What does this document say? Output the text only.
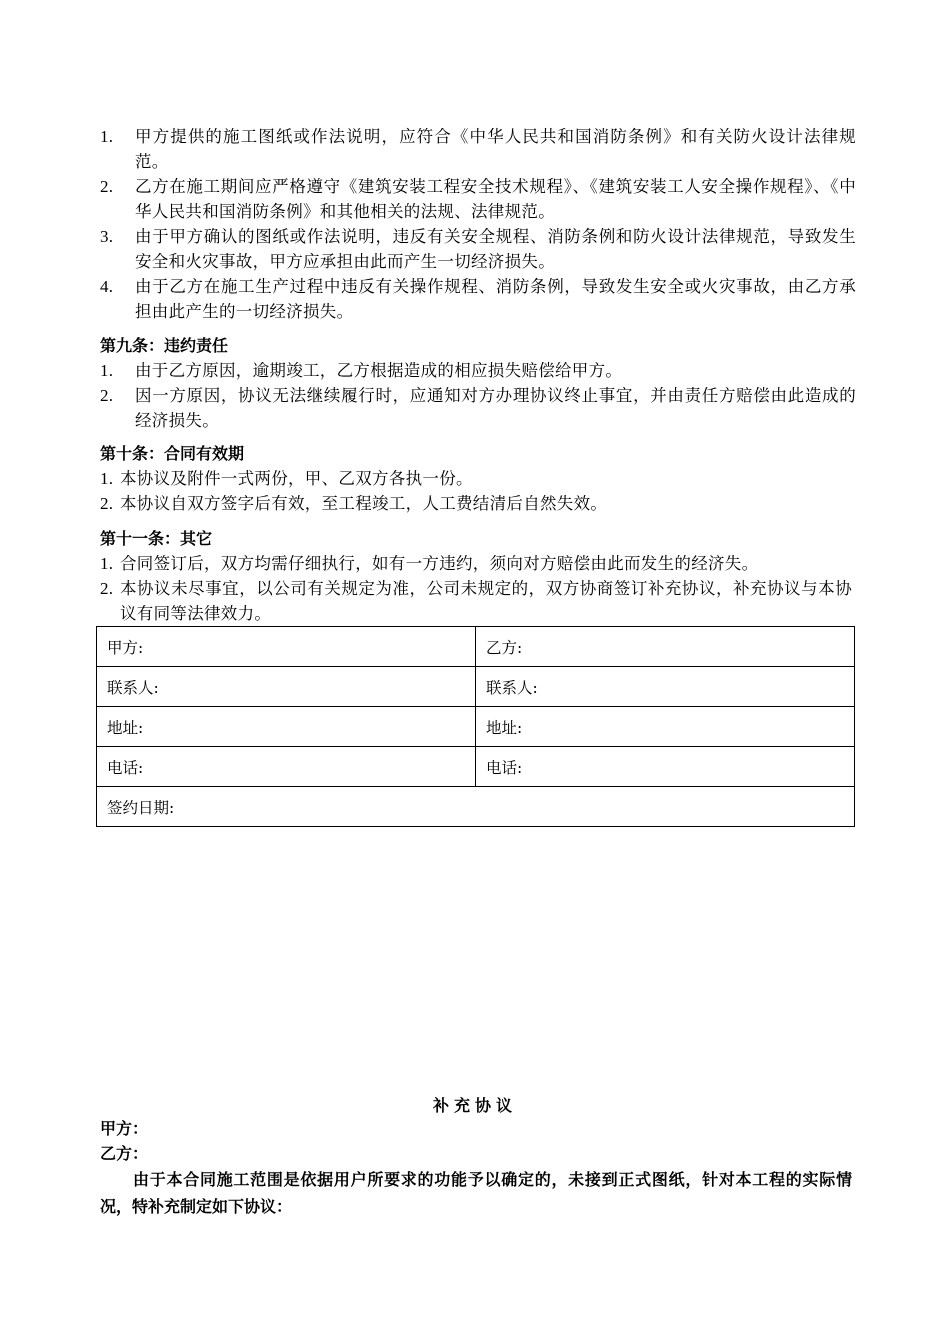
1.	甲方提供的施工图纸或作法说明，应符合《中华人民共和国消防条例》和有关防火设计法律规范。
2.	乙方在施工期间应严格遵守《建筑安装工程安全技术规程》、《建筑安装工人安全操作规程》、《中华人民共和国消防条例》和其他相关的法规、法律规范。
3.	由于甲方确认的图纸或作法说明，违反有关安全规程、消防条例和防火设计法律规范，导致发生安全和火灾事故，甲方应承担由此而产生一切经济损失。
4.	由于乙方在施工生产过程中违反有关操作规程、消防条例，导致发生安全或火灾事故，由乙方承担由此产生的一切经济损失。
第九条：违约责任
1.	由于乙方原因，逾期竣工，乙方根据造成的相应损失赔偿给甲方。
2.	因一方原因，协议无法继续履行时，应通知对方办理协议终止事宜，并由责任方赔偿由此造成的经济损失。
第十条：合同有效期
1. 本协议及附件一式两份，甲、乙双方各执一份。
2. 本协议自双方签字后有效，至工程竣工，人工费结清后自然失效。
第十一条：其它
1. 合同签订后，双方均需仔细执行，如有一方违约，须向对方赔偿由此而发生的经济失。
2. 本协议未尽事宜，以公司有关规定为准，公司未规定的，双方协商签订补充协议，补充协议与本协议有同等法律效力。
甲方:	乙方:
联系人:	联系人:
地址:	地址:
电话:	电话:
签约日期:	
补充协议
甲方：
乙方：
由于本合同施工范围是依据用户所要求的功能予以确定的，未接到正式图纸，针对本工程的实际情况，特补充制定如下协议：
